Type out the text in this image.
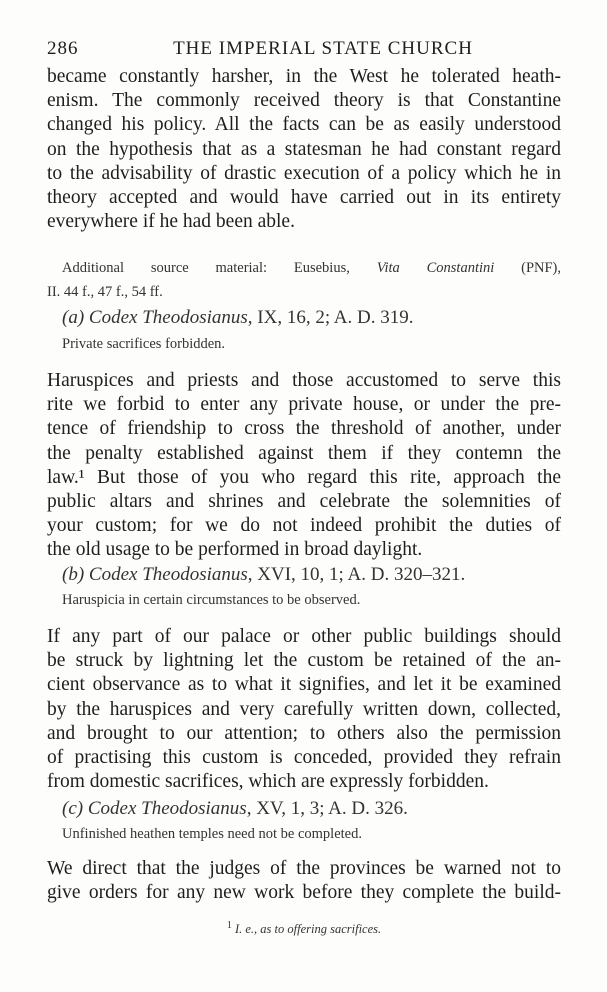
286	THE IMPERIAL STATE CHURCH
became constantly harsher, in the West he tolerated heath-
enism. The commonly received theory is that Constantine
changed his policy. All the facts can be as easily understood
on the hypothesis that as a statesman he had constant regard
to the advisability of drastic execution of a policy which he in
theory accepted and would have carried out in its entirety
everywhere if he had been able.
Additional source material: Eusebius, Vita Constantini (PNF),
II. 44 f., 47 f., 54 ff.
(a) Codex Theodosianus, IX, 16, 2; A. D. 319.
Private sacrifices forbidden.
Haruspices and priests and those accustomed to serve this
rite we forbid to enter any private house, or under the pre-
tence of friendship to cross the threshold of another, under
the penalty established against them if they contemn the
law.¹ But those of you who regard this rite, approach the
public altars and shrines and celebrate the solemnities of
your custom; for we do not indeed prohibit the duties of
the old usage to be performed in broad daylight.
(b) Codex Theodosianus, XVI, 10, 1; A. D. 320–321.
Haruspicia in certain circumstances to be observed.
If any part of our palace or other public buildings should
be struck by lightning let the custom be retained of the an-
cient observance as to what it signifies, and let it be examined
by the haruspices and very carefully written down, collected,
and brought to our attention; to others also the permission
of practising this custom is conceded, provided they refrain
from domestic sacrifices, which are expressly forbidden.
(c) Codex Theodosianus, XV, 1, 3; A. D. 326.
Unfinished heathen temples need not be completed.
We direct that the judges of the provinces be warned not to
give orders for any new work before they complete the build-
$^1$ I. e., as to offering sacrifices.
